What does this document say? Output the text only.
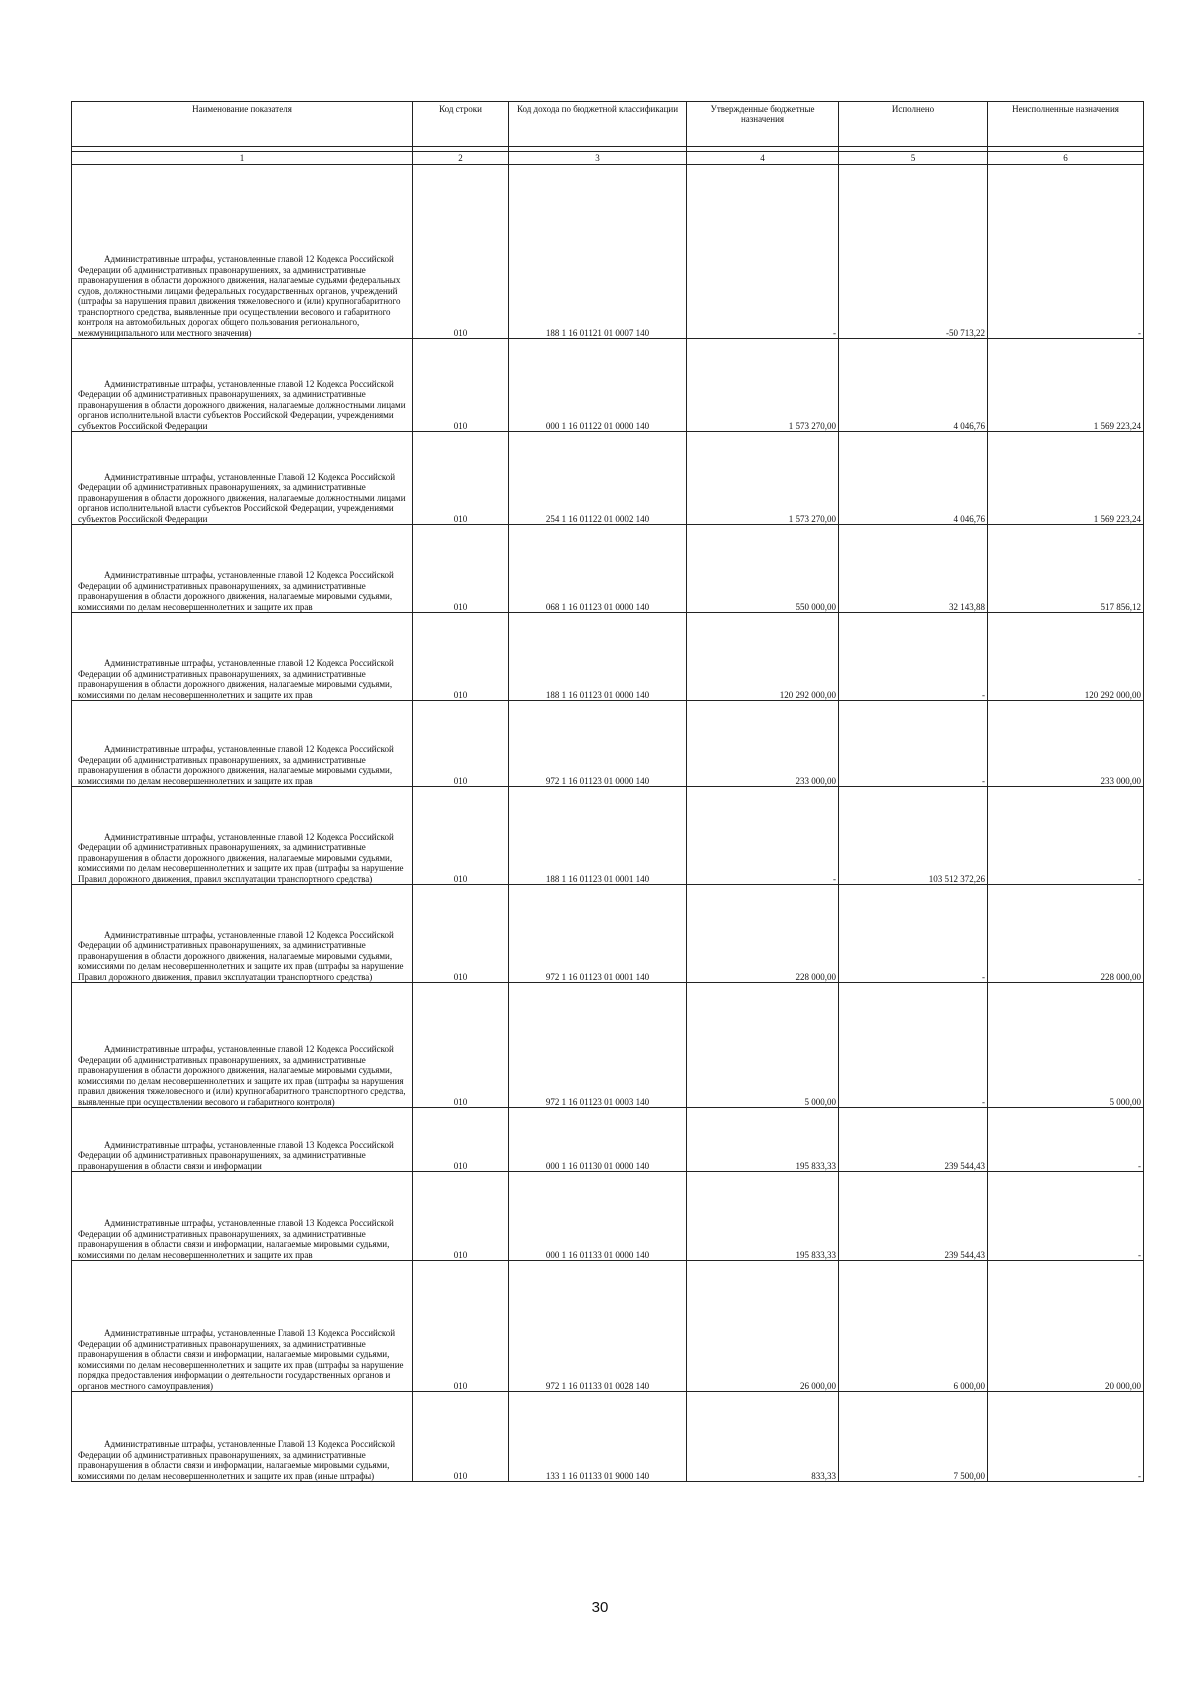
Наименование показателя	Код строки	Код дохода по бюджетной классификации	Утвержденные бюджетные назначения	Исполнено	Неисполненные назначения

1	2	3	4	5	6

Административные штрафы, установленные главой 12 Кодекса Российской Федерации об административных правонарушениях, за административные правонарушения в области дорожного движения, налагаемые судьями федеральных судов, должностными лицами федеральных государственных органов, учреждений (штрафы за нарушения правил движения тяжеловесного и (или) крупногабаритного транспортного средства, выявленные при осуществлении весового и габаритного контроля на автомобильных дорогах общего пользования регионального, межмуниципального или местного значения)	010	188 1 16 01121 01 0007 140	-	-50 713,22	-

Административные штрафы, установленные главой 12 Кодекса Российской Федерации об административных правонарушениях, за административные правонарушения в области дорожного движения, налагаемые должностными лицами органов исполнительной власти субъектов Российской Федерации, учреждениями субъектов Российской Федерации	010	000 1 16 01122 01 0000 140	1 573 270,00	4 046,76	1 569 223,24

Административные штрафы, установленные Главой 12 Кодекса Российской Федерации об административных правонарушениях, за административные правонарушения в области дорожного движения, налагаемые должностными лицами органов исполнительной власти субъектов Российской Федерации, учреждениями субъектов Российской Федерации	010	254 1 16 01122 01 0002 140	1 573 270,00	4 046,76	1 569 223,24

Административные штрафы, установленные главой 12 Кодекса Российской Федерации об административных правонарушениях, за административные правонарушения в области дорожного движения, налагаемые мировыми судьями, комиссиями по делам несовершеннолетних и защите их прав	010	068 1 16 01123 01 0000 140	550 000,00	32 143,88	517 856,12

Административные штрафы, установленные главой 12 Кодекса Российской Федерации об административных правонарушениях, за административные правонарушения в области дорожного движения, налагаемые мировыми судьями, комиссиями по делам несовершеннолетних и защите их прав	010	188 1 16 01123 01 0000 140	120 292 000,00	-	120 292 000,00

Административные штрафы, установленные главой 12 Кодекса Российской Федерации об административных правонарушениях, за административные правонарушения в области дорожного движения, налагаемые мировыми судьями, комиссиями по делам несовершеннолетних и защите их прав	010	972 1 16 01123 01 0000 140	233 000,00	-	233 000,00

Административные штрафы, установленные главой 12 Кодекса Российской Федерации об административных правонарушениях, за административные правонарушения в области дорожного движения, налагаемые мировыми судьями, комиссиями по делам несовершеннолетних и защите их прав (штрафы за нарушение Правил дорожного движения, правил эксплуатации транспортного средства)	010	188 1 16 01123 01 0001 140	-	103 512 372,26	-

Административные штрафы, установленные главой 12 Кодекса Российской Федерации об административных правонарушениях, за административные правонарушения в области дорожного движения, налагаемые мировыми судьями, комиссиями по делам несовершеннолетних и защите их прав (штрафы за нарушение Правил дорожного движения, правил эксплуатации транспортного средства)	010	972 1 16 01123 01 0001 140	228 000,00	-	228 000,00

Административные штрафы, установленные главой 12 Кодекса Российской Федерации об административных правонарушениях, за административные правонарушения в области дорожного движения, налагаемые мировыми судьями, комиссиями по делам несовершеннолетних и защите их прав (штрафы за нарушения правил движения тяжеловесного и (или) крупногабаритного транспортного средства, выявленные при осуществлении весового и габаритного контроля)	010	972 1 16 01123 01 0003 140	5 000,00	-	5 000,00

Административные штрафы, установленные главой 13 Кодекса Российской Федерации об административных правонарушениях, за административные правонарушения в области связи и информации	010	000 1 16 01130 01 0000 140	195 833,33	239 544,43	-

Административные штрафы, установленные главой 13 Кодекса Российской Федерации об административных правонарушениях, за административные правонарушения в области связи и информации, налагаемые мировыми судьями, комиссиями по делам несовершеннолетних и защите их прав	010	000 1 16 01133 01 0000 140	195 833,33	239 544,43	-

Административные штрафы, установленные Главой 13 Кодекса Российской Федерации об административных правонарушениях, за административные правонарушения в области связи и информации, налагаемые мировыми судьями, комиссиями по делам несовершеннолетних и защите их прав (штрафы за нарушение порядка предоставления информации о деятельности государственных органов и органов местного самоуправления)	010	972 1 16 01133 01 0028 140	26 000,00	6 000,00	20 000,00

Административные штрафы, установленные Главой 13 Кодекса Российской Федерации об административных правонарушениях, за административные правонарушения в области связи и информации, налагаемые мировыми судьями, комиссиями по делам несовершеннолетних и защите их прав (иные штрафы)	010	133 1 16 01133 01 9000 140	833,33	7 500,00	-
30
